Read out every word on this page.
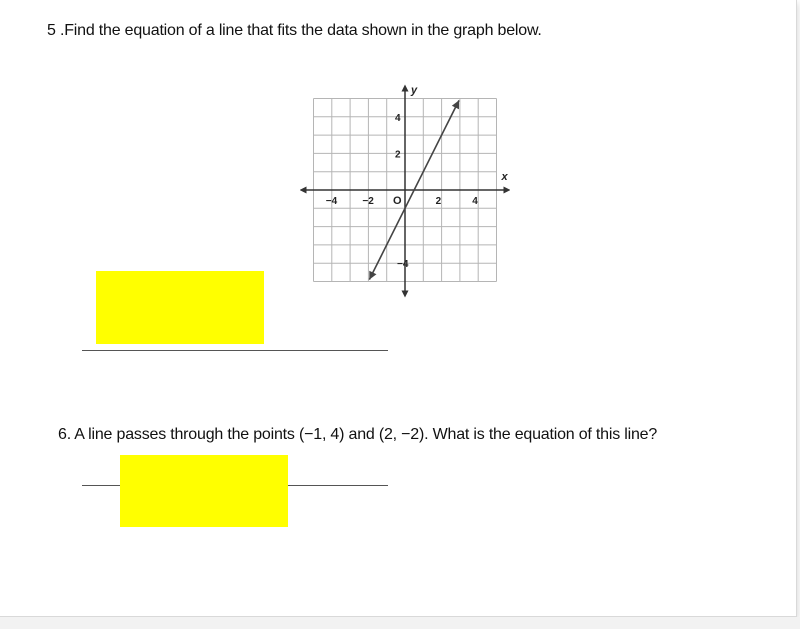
5 .Find the equation of a line that fits the data shown in the graph below.
y
x
O
−4	−2	2	4
4
2
−4
6. A line passes through the points (−1, 4) and (2, −2). What is the equation of this line?
